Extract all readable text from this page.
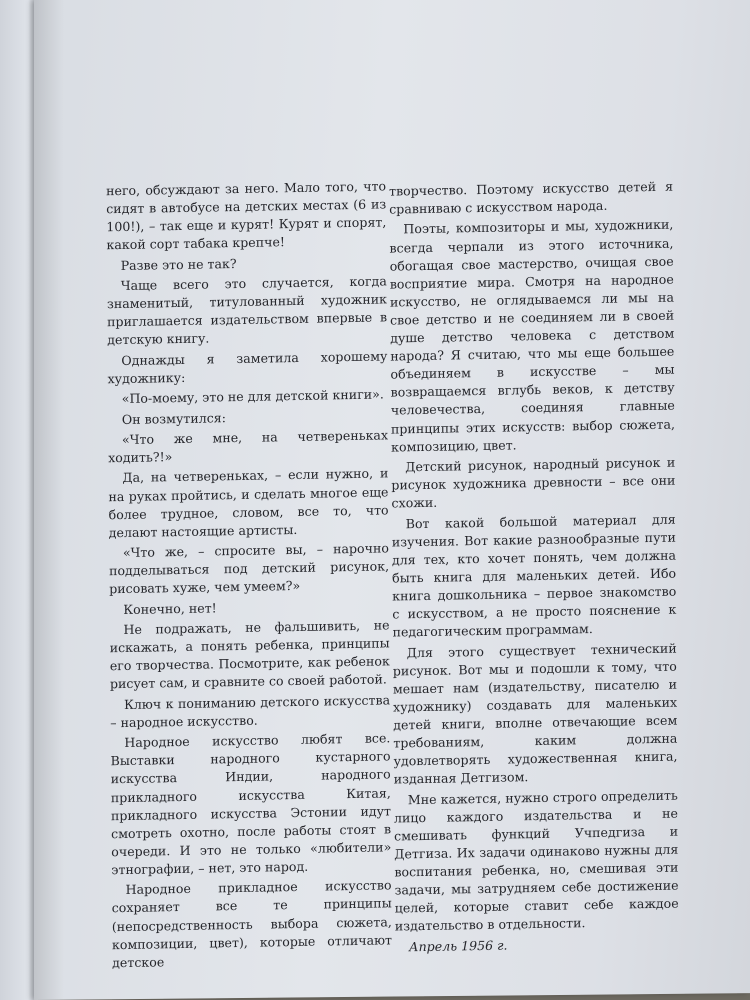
него, обсуждают за него. Мало того, что сидят в автобусе на детских местах (6 из 100!), – так еще и курят! Курят и спорят, какой сорт табака крепче!

Разве это не так?

Чаще всего это случается, когда знаменитый, титулованный художник приглашается издательством впервые в детскую книгу.

Однажды я заметила хорошему художнику:

«По-моему, это не для детской книги».

Он возмутился:

«Что же мне, на четвереньках ходить?!»

Да, на четвереньках, – если нужно, и на руках пройтись, и сделать многое еще более трудное, словом, все то, что делают настоящие артисты.

«Что же, – спросите вы, – нарочно подделываться под детский рисунок, рисовать хуже, чем умеем?»

Конечно, нет!

Не подражать, не фальшивить, не искажать, а понять ребенка, принципы его творчества. Посмотрите, как ребенок рисует сам, и сравните со своей работой.

Ключ к пониманию детского искусства – народное искусство.

Народное искусство любят все. Выставки народного кустарного искусства Индии, народного прикладного искусства Китая, прикладного искусства Эстонии идут смотреть охотно, после работы стоят в очереди. И это не только «любители» этнографии, – нет, это народ.

Народное прикладное искусство сохраняет все те принципы (непосредственность выбора сюжета, композиции, цвет), которые отличают детское

творчество. Поэтому искусство детей я сравниваю с искусством народа.

Поэты, композиторы и мы, художники, всегда черпали из этого источника, обогащая свое мастерство, очищая свое восприятие мира. Смотря на народное искусство, не оглядываемся ли мы на свое детство и не соединяем ли в своей душе детство человека с детством народа? Я считаю, что мы еще большее объединяем в искусстве – мы возвращаемся вглубь веков, к детству человечества, соединяя главные принципы этих искусств: выбор сюжета, композицию, цвет.

Детский рисунок, народный рисунок и рисунок художника древности – все они схожи.

Вот какой большой материал для изучения. Вот какие разнообразные пути для тех, кто хочет понять, чем должна быть книга для маленьких детей. Ибо книга дошкольника – первое знакомство с искусством, а не просто пояснение к педагогическим программам.

Для этого существует технический рисунок. Вот мы и подошли к тому, что мешает нам (издательству, писателю и художнику) создавать для маленьких детей книги, вполне отвечающие всем требованиям, каким должна удовлетворять художественная книга, изданная Детгизом.

Мне кажется, нужно строго определить лицо каждого издательства и не смешивать функций Учпедгиза и Детгиза. Их задачи одинаково нужны для воспитания ребенка, но, смешивая эти задачи, мы затрудняем себе достижение целей, которые ставит себе каждое издательство в отдельности.

Апрель 1956 г.
